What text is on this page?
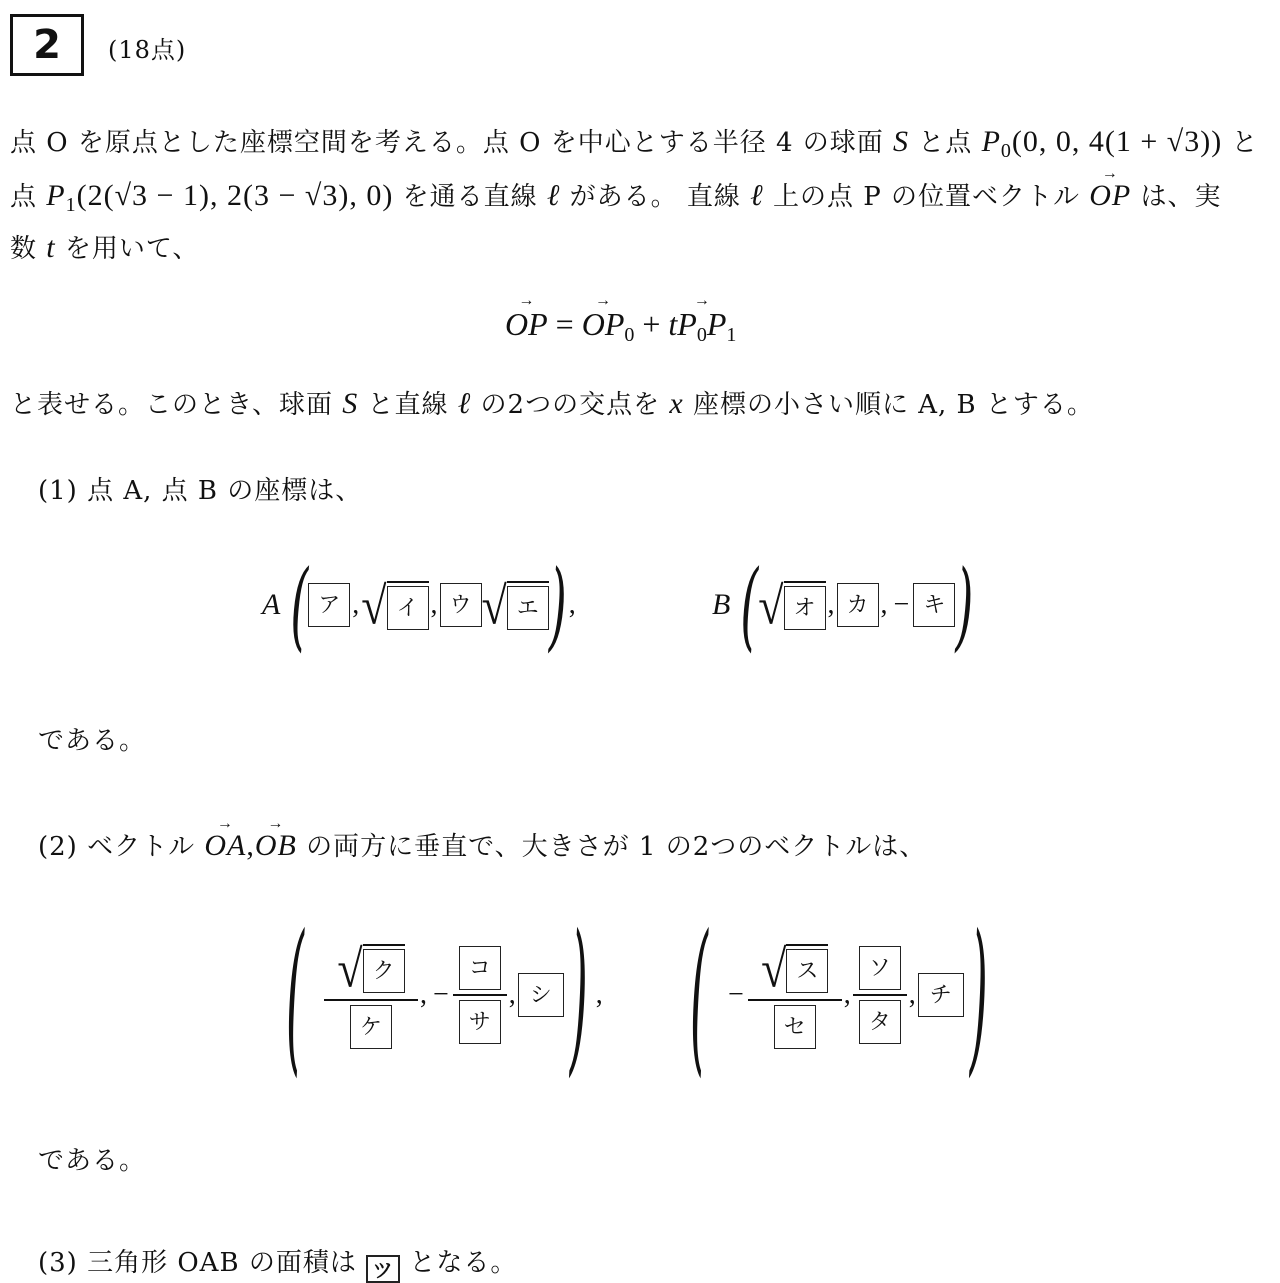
2	(18点)
点 O を原点とした座標空間を考える。点 O を中心とする半径 4 の球面 S と点 $P_0(0$, 0, 4(1 + √3)) と
点 $P_1(2(√3 - 1)$, 2(3 − √3), 0) を通る直線 ℓ がある。 直線 ℓ 上の点 P の位置ベクトル → OP は、実
数 t を用いて、
→ OP = → $OP_0 + t\to P_0P_1$
と表せる。このとき、球面 S と直線 ℓ の2つの交点を x 座標の小さい順に A, B とする。
(1) 点 A, 点 B の座標は、
A ( ア , √ イ , ウ √ エ ) ,	B ( √ オ , カ , − キ )
である。
(2) ベクトル → OA,→ OB の両方に垂直で、大きさが 1 の2つのベクトルは、
( $\frac{\text{√ ク}}{\text{ケ}}$ , − $\frac{\text{コ}}{\text{サ}}$ , シ ) , ( − $\frac{\text{√ ス}}{\text{セ}}$ , $\frac{\text{ソ}}{\text{タ}}$ , チ )
である。
(3) 三角形 OAB の面積は ツ となる。
